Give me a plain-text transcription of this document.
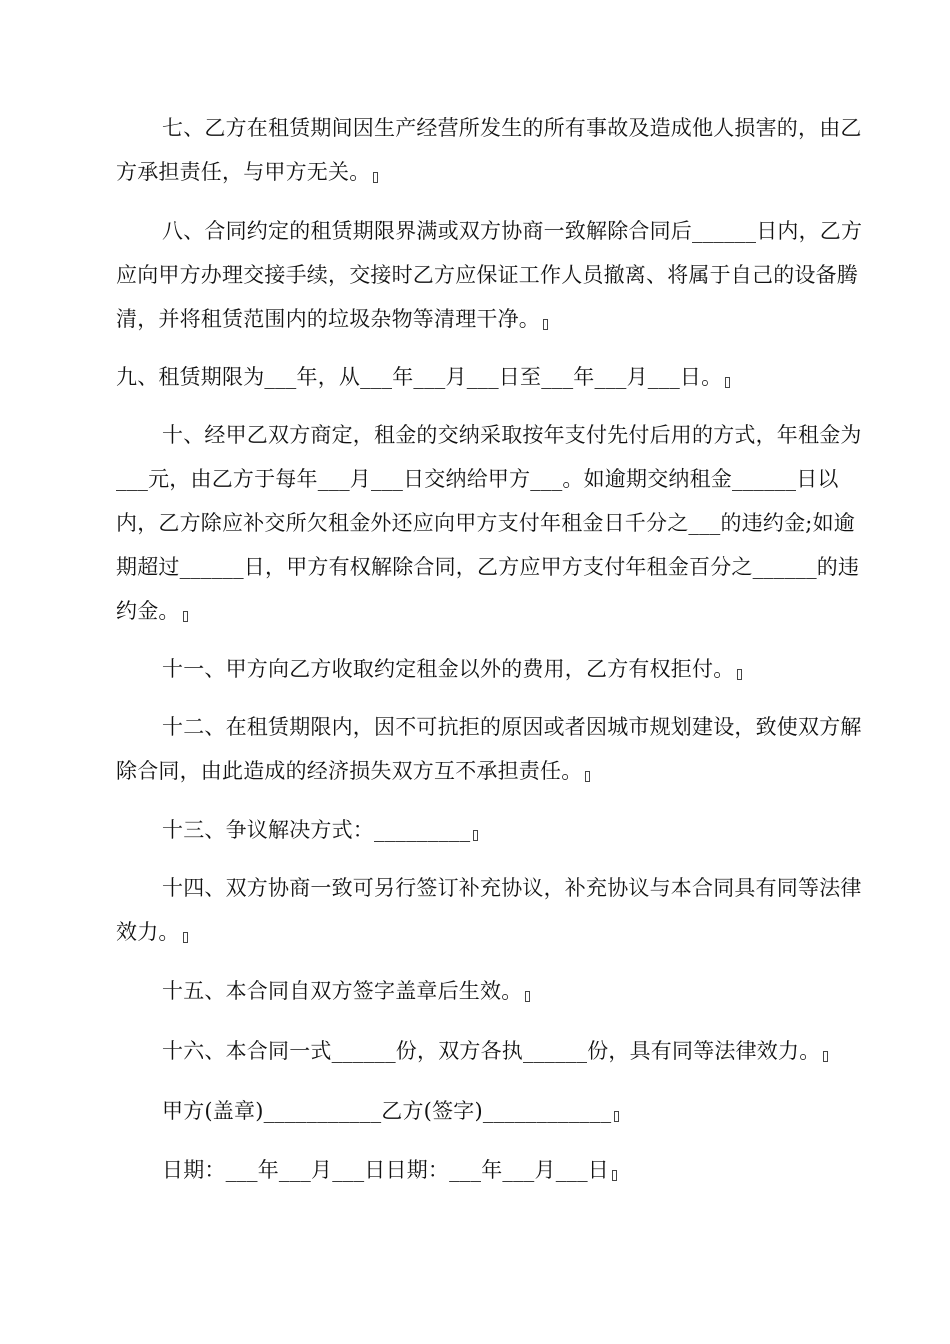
七、乙方在租赁期间因生产经营所发生的所有事故及造成他人损害的，由乙方承担责任，与甲方无关。

八、合同约定的租赁期限界满或双方协商一致解除合同后______日内，乙方应向甲方办理交接手续，交接时乙方应保证工作人员撤离、将属于自己的设备腾清，并将租赁范围内的垃圾杂物等清理干净。

九、租赁期限为___年，从___年___月___日至___年___月___日。

十、经甲乙双方商定，租金的交纳采取按年支付先付后用的方式，年租金为___元，由乙方于每年___月___日交纳给甲方___。如逾期交纳租金______日以内，乙方除应补交所欠租金外还应向甲方支付年租金日千分之___的违约金;如逾期超过______日，甲方有权解除合同，乙方应甲方支付年租金百分之______的违约金。

十一、甲方向乙方收取约定租金以外的费用，乙方有权拒付。

十二、在租赁期限内，因不可抗拒的原因或者因城市规划建设，致使双方解除合同，由此造成的经济损失双方互不承担责任。

十三、争议解决方式：_________

十四、双方协商一致可另行签订补充协议，补充协议与本合同具有同等法律效力。

十五、本合同自双方签字盖章后生效。

十六、本合同一式______份，双方各执______份，具有同等法律效力。

甲方(盖章)___________乙方(签字)____________

日期：___年___月___日日期：___年___月___日
